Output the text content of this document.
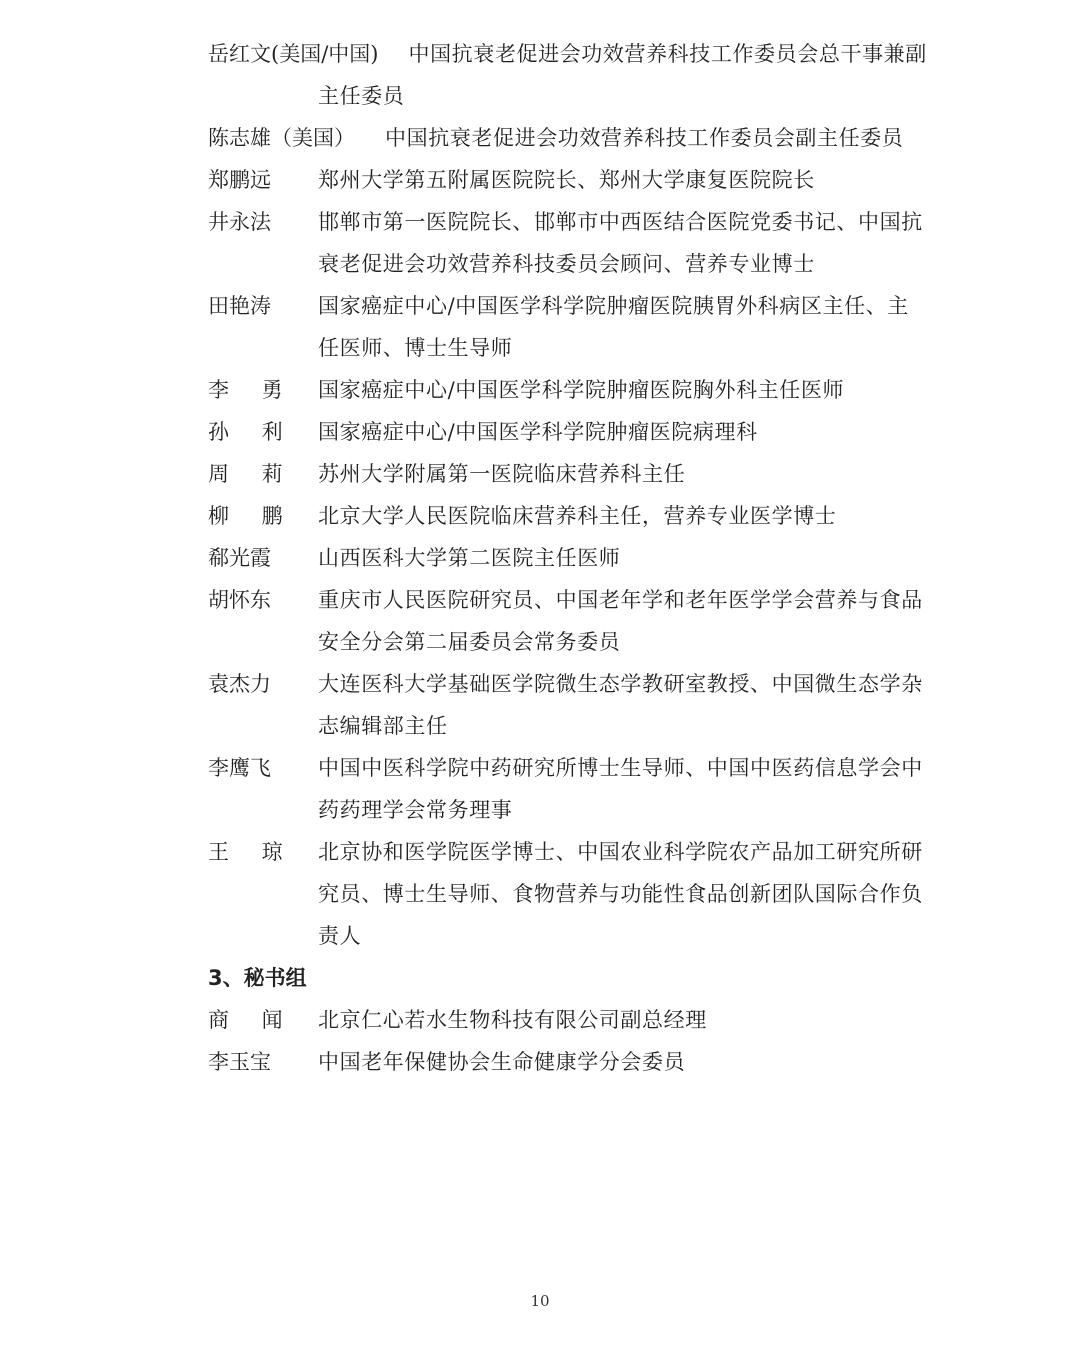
岳红文(美国/中国) 中国抗衰老促进会功效营养科技工作委员会总干事兼副主任委员
陈志雄（美国） 中国抗衰老促进会功效营养科技工作委员会副主任委员
郑鹏远	郑州大学第五附属医院院长、郑州大学康复医院院长
井永法	邯郸市第一医院院长、邯郸市中西医结合医院党委书记、中国抗衰老促进会功效营养科技委员会顾问、营养专业博士
田艳涛	国家癌症中心/中国医学科学院肿瘤医院胰胃外科病区主任、主任医师、博士生导师
李 勇	国家癌症中心/中国医学科学院肿瘤医院胸外科主任医师
孙 利	国家癌症中心/中国医学科学院肿瘤医院病理科
周 莉	苏州大学附属第一医院临床营养科主任
柳 鹏	北京大学人民医院临床营养科主任，营养专业医学博士
郗光霞	山西医科大学第二医院主任医师
胡怀东	重庆市人民医院研究员、中国老年学和老年医学学会营养与食品安全分会第二届委员会常务委员
袁杰力	大连医科大学基础医学院微生态学教研室教授、中国微生态学杂志编辑部主任
李鹰飞	中国中医科学院中药研究所博士生导师、中国中医药信息学会中药药理学会常务理事
王 琼	北京协和医学院医学博士、中国农业科学院农产品加工研究所研究员、博士生导师、食物营养与功能性食品创新团队国际合作负责人
3、秘书组
商 闻	北京仁心若水生物科技有限公司副总经理
李玉宝	中国老年保健协会生命健康学分会委员
10
